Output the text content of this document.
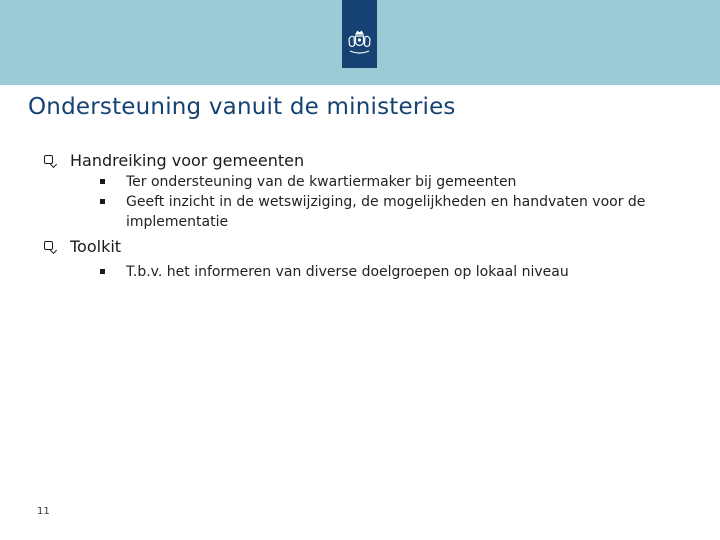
Ondersteuning vanuit de ministeries

Handreiking voor gemeenten

Ter ondersteuning van de kwartiermaker bij gemeenten
Geeft inzicht in de wetswijziging, de mogelijkheden en handvaten voor de implementatie

Toolkit

T.b.v. het informeren van diverse doelgroepen op lokaal niveau
11
